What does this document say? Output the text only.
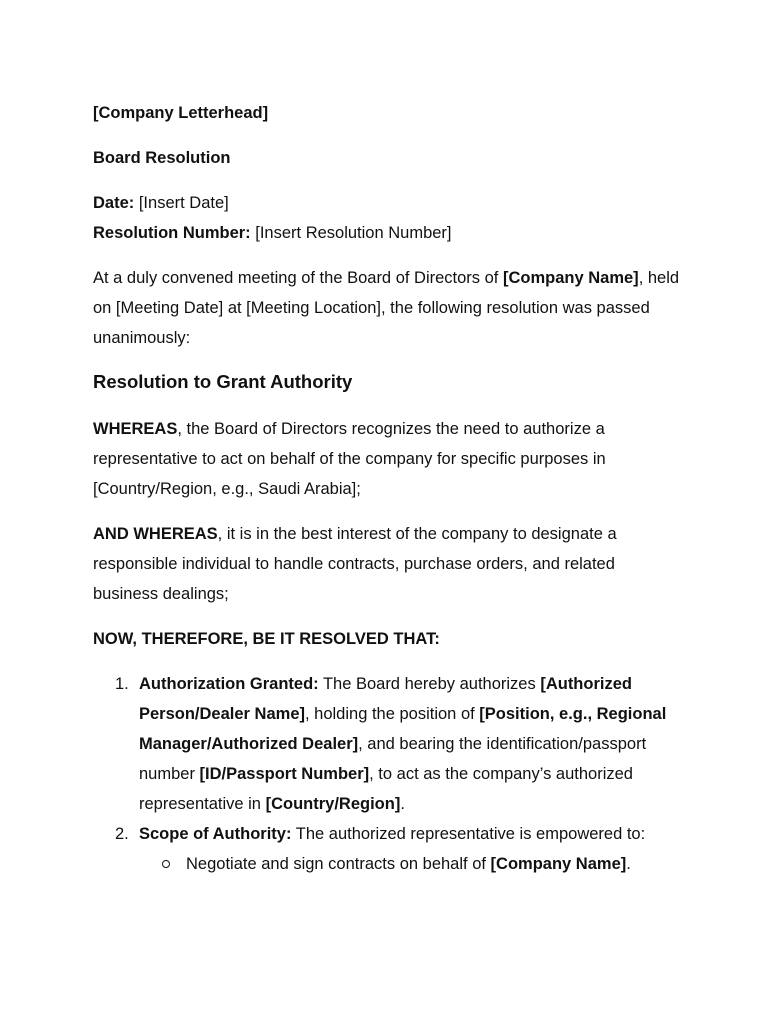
[Company Letterhead]

Board Resolution

Date: [Insert Date]

Resolution Number: [Insert Resolution Number]

At a duly convened meeting of the Board of Directors of [Company Name], held on [Meeting Date] at [Meeting Location], the following resolution was passed unanimously:

Resolution to Grant Authority

WHEREAS, the Board of Directors recognizes the need to authorize a representative to act on behalf of the company for specific purposes in [Country/Region, e.g., Saudi Arabia];

AND WHEREAS, it is in the best interest of the company to designate a responsible individual to handle contracts, purchase orders, and related business dealings;

NOW, THEREFORE, BE IT RESOLVED THAT:

1. Authorization Granted: The Board hereby authorizes [Authorized Person/Dealer Name], holding the position of [Position, e.g., Regional Manager/Authorized Dealer], and bearing the identification/passport number [ID/Passport Number], to act as the company’s authorized representative in [Country/Region].
2. Scope of Authority: The authorized representative is empowered to:
Negotiate and sign contracts on behalf of [Company Name].
